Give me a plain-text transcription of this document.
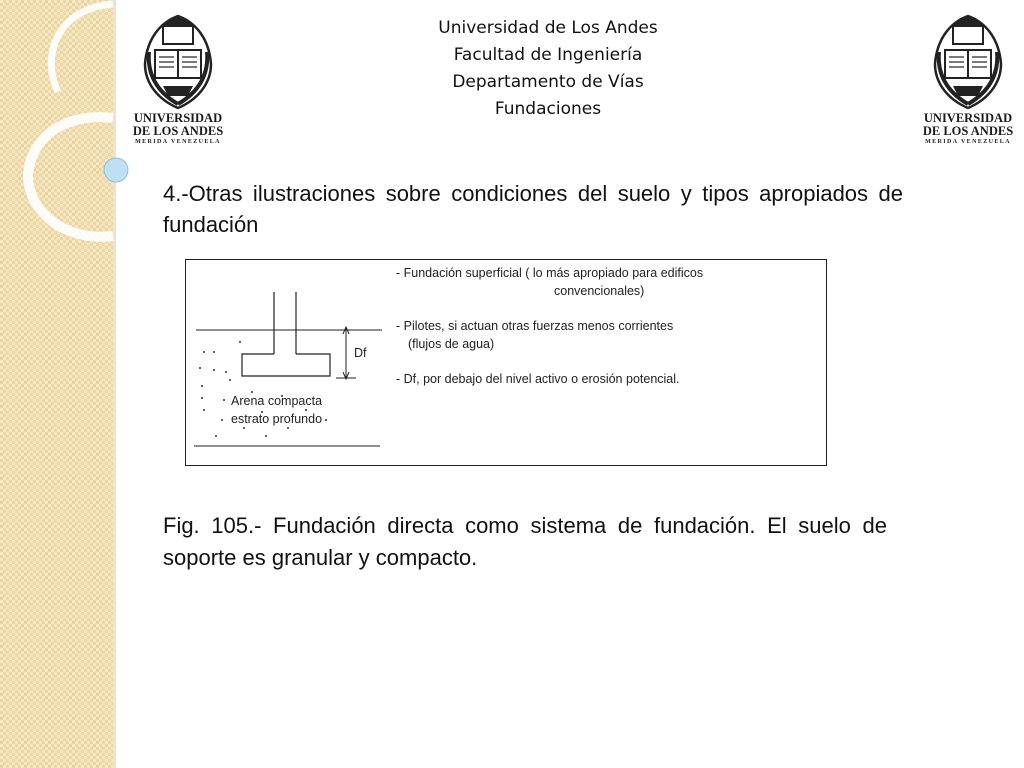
UNIVERSIDAD
DE LOS ANDES
MERIDA VENEZUELA
UNIVERSIDAD
DE LOS ANDES
MERIDA VENEZUELA
Universidad de Los Andes
Facultad de Ingeniería
Departamento de Vías
Fundaciones
4.-Otras ilustraciones sobre condiciones del suelo y tipos apropiados de fundación
Df
Arena compacta
estrato profundo
- Fundación superficial ( lo más apropiado para edificos
convencionales)
- Pilotes, si actuan otras fuerzas menos corrientes
(flujos de agua)
- Df, por debajo del nivel activo o erosión potencial.
Fig. 105.- Fundación directa como sistema de fundación. El suelo de soporte es granular y compacto.
